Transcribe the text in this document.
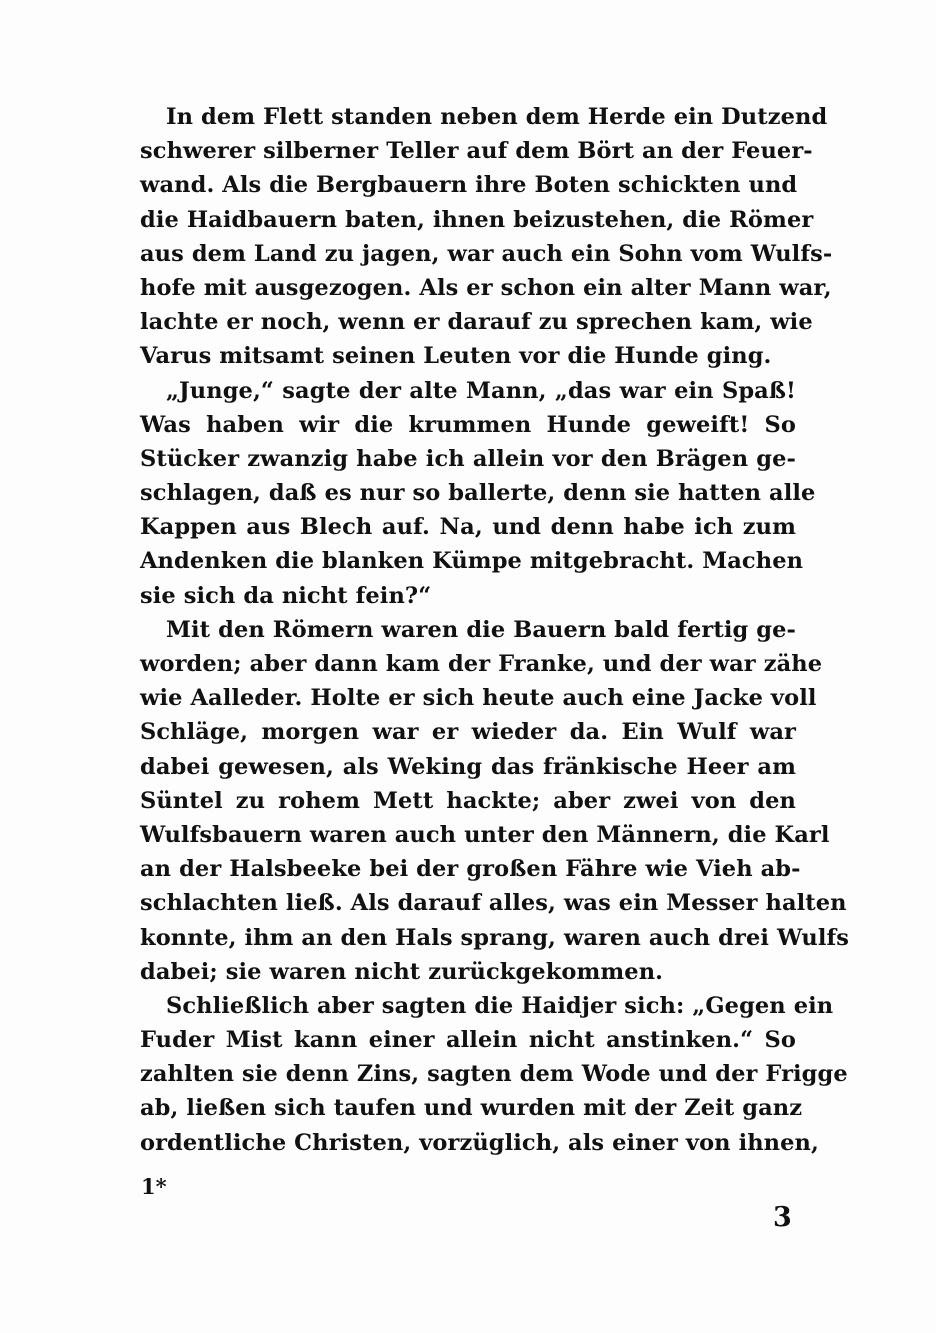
In dem Flett standen neben dem Herde ein Dutzend
schwerer silberner Teller auf dem Bört an der Feuer-
wand. Als die Bergbauern ihre Boten schickten und
die Haidbauern baten, ihnen beizustehen, die Römer
aus dem Land zu jagen, war auch ein Sohn vom Wulfs-
hofe mit ausgezogen. Als er schon ein alter Mann war,
lachte er noch, wenn er darauf zu sprechen kam, wie
Varus mitsamt seinen Leuten vor die Hunde ging.
„Junge,“ sagte der alte Mann, „das war ein Spaß!
Was haben wir die krummen Hunde geweift! So
Stücker zwanzig habe ich allein vor den Brägen ge-
schlagen, daß es nur so ballerte, denn sie hatten alle
Kappen aus Blech auf. Na, und denn habe ich zum
Andenken die blanken Kümpe mitgebracht. Machen
sie sich da nicht fein?“
Mit den Römern waren die Bauern bald fertig ge-
worden; aber dann kam der Franke, und der war zähe
wie Aalleder. Holte er sich heute auch eine Jacke voll
Schläge, morgen war er wieder da. Ein Wulf war
dabei gewesen, als Weking das fränkische Heer am
Süntel zu rohem Mett hackte; aber zwei von den
Wulfsbauern waren auch unter den Männern, die Karl
an der Halsbeeke bei der großen Fähre wie Vieh ab-
schlachten ließ. Als darauf alles, was ein Messer halten
konnte, ihm an den Hals sprang, waren auch drei Wulfs
dabei; sie waren nicht zurückgekommen.
Schließlich aber sagten die Haidjer sich: „Gegen ein
Fuder Mist kann einer allein nicht anstinken.“ So
zahlten sie denn Zins, sagten dem Wode und der Frigge
ab, ließen sich taufen und wurden mit der Zeit ganz
ordentliche Christen, vorzüglich, als einer von ihnen,
1*
3
